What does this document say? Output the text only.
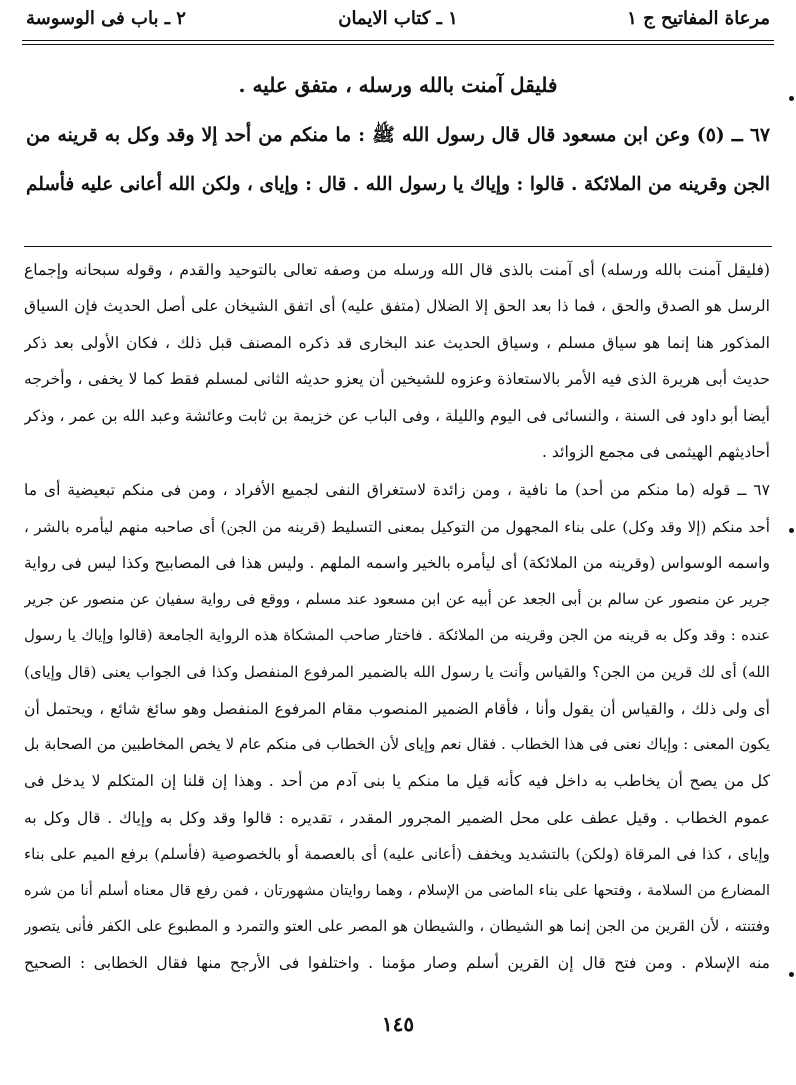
مرعاة المفاتيح ج ١
١ ـ كتاب الايمان
٢ ـ باب فى الوسوسة
فليقل آمنت بالله ورسله ، متفق عليه .
٦٧ ــ (٥) وعن ابن مسعود قال قال رسول الله ﷺ : ما منكم من أحد إلا وقد وكل به قرينه من
الجن وقرينه من الملائكة . قالوا : وإياك يا رسول الله . قال : وإياى ، ولكن الله أعانى عليه فأسلم
(فليقل آمنت بالله ورسله) أى آمنت بالذى قال الله ورسله من وصفه تعالى بالتوحيد والقدم ، وقوله سبحانه وإجماع
الرسل هو الصدق والحق ، فما ذا بعد الحق إلا الضلال (متفق عليه) أى اتفق الشيخان على أصل الحديث فإن السياق
المذكور هنا إنما هو سياق مسلم ، وسياق الحديث عند البخارى قد ذكره المصنف قبل ذلك ، فكان الأولى بعد ذكر
حديث أبى هريرة الذى فيه الأمر بالاستعاذة وعزوه للشيخين أن يعزو حديثه الثانى لمسلم فقط كما لا يخفى ، وأخرجه
أيضا أبو داود فى السنة ، والنسائى فى اليوم والليلة ، وفى الباب عن خزيمة بن ثابت وعائشة وعبد الله بن عمر ، وذكر
أحاديثهم الهيثمى فى مجمع الزوائد .
٦٧ ــ قوله (ما منكم من أحد) ما نافية ، ومن زائدة لاستغراق النفى لجميع الأفراد ، ومن فى منكم تبعيضية أى ما
أحد منكم (إلا وقد وكل) على بناء المجهول من التوكيل بمعنى التسليط (قرينه من الجن) أى صاحبه منهم ليأمره بالشر ،
واسمه الوسواس (وقرينه من الملائكة) أى ليأمره بالخير واسمه الملهم . وليس هذا فى المصابيح وكذا ليس فى رواية
جرير عن منصور عن سالم بن أبى الجعد عن أبيه عن ابن مسعود عند مسلم ، ووقع فى رواية سفيان عن منصور عن جرير
عنده : وقد وكل به قرينه من الجن وقرينه من الملائكة . فاختار صاحب المشكاة هذه الرواية الجامعة (قالوا وإياك يا رسول
الله) أى لك قرين من الجن؟ والقياس وأنت يا رسول الله بالضمير المرفوع المنفصل وكذا فى الجواب يعنى (قال وإياى)
أى ولى ذلك ، والقياس أن يقول وأنا ، فأقام الضمير المنصوب مقام المرفوع المنفصل وهو سائغ شائع ، ويحتمل أن
يكون المعنى : وإياك نعنى فى هذا الخطاب . فقال نعم وإياى لأن الخطاب فى منكم عام لا يخص المخاطبين من الصحابة بل
كل من يصح أن يخاطب به داخل فيه كأنه قيل ما منكم يا بنى آدم من أحد . وهذا إن قلنا إن المتكلم لا يدخل فى
عموم الخطاب . وقيل عطف على محل الضمير المجرور المقدر ، تقديره : قالوا وقد وكل به وإياك . قال وكل به
وإياى ، كذا فى المرقاة (ولكن) بالتشديد ويخفف (أعانى عليه) أى بالعصمة أو بالخصوصية (فأسلم) برفع الميم على بناء
المضارع من السلامة ، وفتحها على بناء الماضى من الإسلام ، وهما روايتان مشهورتان ، فمن رفع قال معناه أسلم أنا من شره
وفتنته ، لأن القرين من الجن إنما هو الشيطان ، والشيطان هو المصر على العتو والتمرد و المطبوع على الكفر فأنى يتصور
منه الإسلام . ومن فتح قال إن القرين أسلم وصار مؤمنا . واختلفوا فى الأرجح منها فقال الخطابى : الصحيح
١٤٥
